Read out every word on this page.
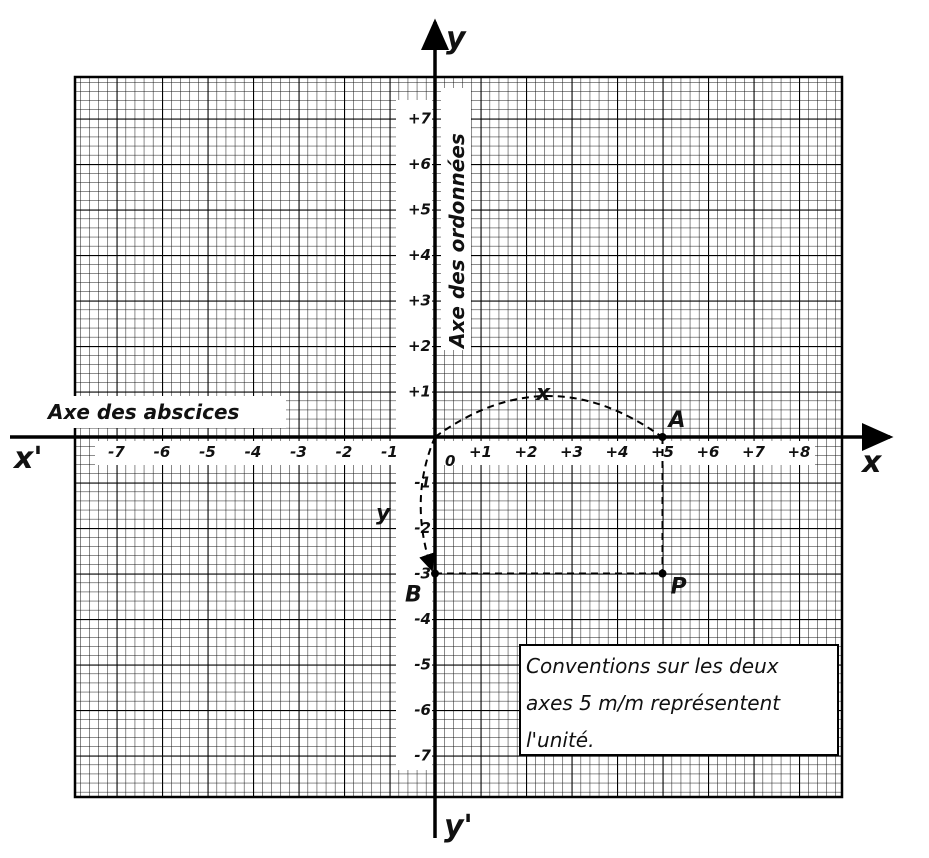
x
x'
y
y'
Axe des abscices
Axe des ordonnées
0
-7 -6 -5 -4 -3 -2 -1	+1 +2 +3 +4 +5 +6 +7 +8
+7
+6
+5
+4
+3
+2
+1
-1
-2
-3
-4
-5
-6
-7
x
y
A
B	P
Conventions sur les deux
axes 5 m/m représentent
l'unité.
